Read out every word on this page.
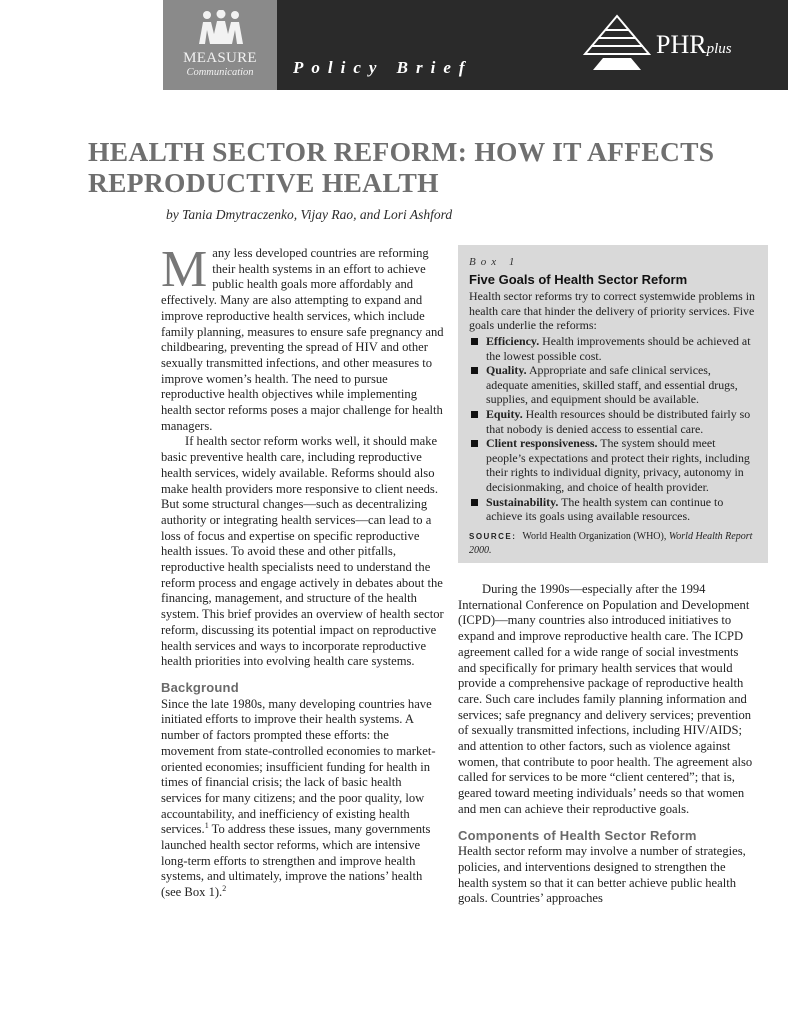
MEASURE
Communication	Policy Brief
PHRplus
HEALTH SECTOR REFORM: HOW IT AFFECTS REPRODUCTIVE HEALTH
by Tania Dmytraczenko, Vijay Rao, and Lori Ashford

Many less developed countries are reforming their health systems in an effort to achieve public health goals more affordably and effectively. Many are also attempting to expand and improve reproductive health services, which include family planning, measures to ensure safe pregnancy and childbearing, preventing the spread of HIV and other sexually transmitted infections, and other measures to improve women’s health. The need to pursue reproductive health objectives while implementing health sector reforms poses a major challenge for health managers.

If health sector reform works well, it should make basic preventive health care, including reproductive health services, widely available. Reforms should also make health providers more responsive to client needs. But some structural changes—such as decentralizing authority or integrating health services—can lead to a loss of focus and expertise on specific reproductive health issues. To avoid these and other pitfalls, reproductive health specialists need to understand the reform process and engage actively in debates about the financing, management, and structure of the health system. This brief provides an overview of health sector reform, discussing its potential impact on reproductive health services and ways to incorporate reproductive health priorities into evolving health care systems.

Background

Since the late 1980s, many developing countries have initiated efforts to improve their health systems. A number of factors prompted these efforts: the movement from state-controlled economies to market-oriented economies; insufficient funding for health in times of financial crisis; the lack of basic health services for many citizens; and the poor quality, low accountability, and inefficiency of existing health services.$^1$ To address these issues, many governments launched health sector reforms, which are intensive long-term efforts to strengthen and improve health systems, and ultimately, improve the nations’ health (see Box 1).$^2$

Box 1
Five Goals of Health Sector Reform

Health sector reforms try to correct systemwide problems in health care that hinder the delivery of priority services. Five goals underlie the reforms:

Efficiency. Health improvements should be achieved at the lowest possible cost.
Quality. Appropriate and safe clinical services, adequate amenities, skilled staff, and essential drugs, supplies, and equipment should be available.
Equity. Health resources should be distributed fairly so that nobody is denied access to essential care.
Client responsiveness. The system should meet people’s expectations and protect their rights, including their rights to individual dignity, privacy, autonomy in decisionmaking, and choice of health provider.
Sustainability. The health system can continue to achieve its goals using available resources.
SOURCE: World Health Organization (WHO), World Health Report 2000.

During the 1990s—especially after the 1994 International Conference on Population and Development (ICPD)—many countries also introduced initiatives to expand and improve reproductive health care. The ICPD agreement called for a wide range of social investments and specifically for primary health services that would provide a comprehensive package of reproductive health care. Such care includes family planning information and services; safe pregnancy and delivery services; prevention of sexually transmitted infections, including HIV/AIDS; and attention to other factors, such as violence against women, that contribute to poor health. The agreement also called for services to be more “client centered”; that is, geared toward meeting individuals’ needs so that women and men can achieve their reproductive goals.

Components of Health Sector Reform

Health sector reform may involve a number of strategies, policies, and interventions designed to strengthen the health system so that it can better achieve public health goals. Countries’ approaches
